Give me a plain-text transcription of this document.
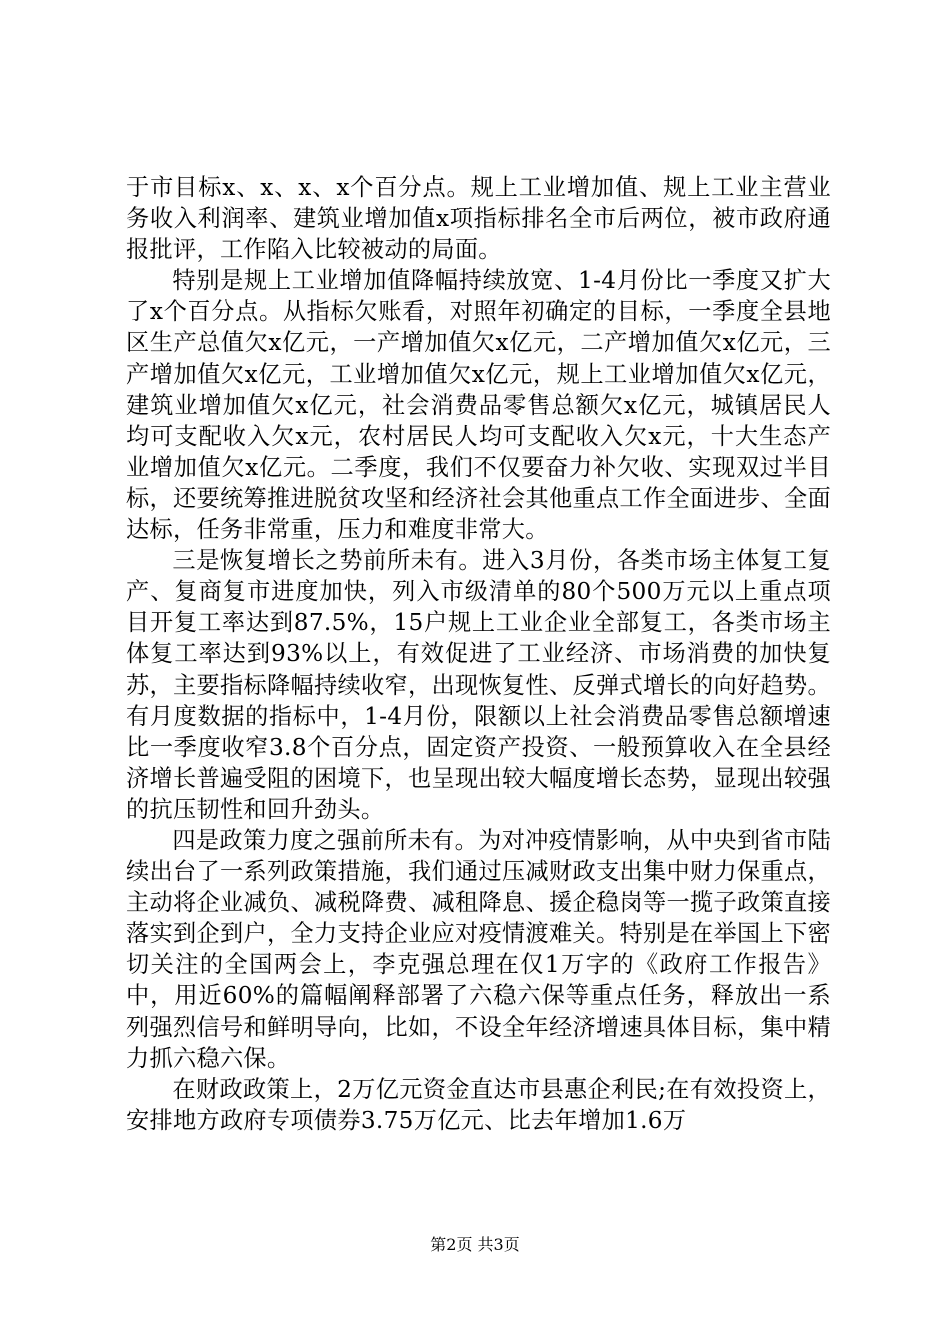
于市目标x、x、x、x个百分点。规上工业增加值、规上工业主营业务收入利润率、建筑业增加值x项指标排名全市后两位，被市政府通报批评，工作陷入比较被动的局面。

特别是规上工业增加值降幅持续放宽、1-4月份比一季度又扩大了x个百分点。从指标欠账看，对照年初确定的目标，一季度全县地区生产总值欠x亿元，一产增加值欠x亿元，二产增加值欠x亿元，三产增加值欠x亿元，工业增加值欠x亿元，规上工业增加值欠x亿元，建筑业增加值欠x亿元，社会消费品零售总额欠x亿元，城镇居民人均可支配收入欠x元，农村居民人均可支配收入欠x元，十大生态产业增加值欠x亿元。二季度，我们不仅要奋力补欠收、实现双过半目标，还要统筹推进脱贫攻坚和经济社会其他重点工作全面进步、全面达标，任务非常重，压力和难度非常大。

三是恢复增长之势前所未有。进入3月份，各类市场主体复工复产、复商复市进度加快，列入市级清单的80个500万元以上重点项目开复工率达到87.5%，15户规上工业企业全部复工，各类市场主体复工率达到93%以上，有效促进了工业经济、市场消费的加快复苏，主要指标降幅持续收窄，出现恢复性、反弹式增长的向好趋势。有月度数据的指标中，1-4月份，限额以上社会消费品零售总额增速比一季度收窄3.8个百分点，固定资产投资、一般预算收入在全县经济增长普遍受阻的困境下，也呈现出较大幅度增长态势，显现出较强的抗压韧性和回升劲头。

四是政策力度之强前所未有。为对冲疫情影响，从中央到省市陆续出台了一系列政策措施，我们通过压减财政支出集中财力保重点，主动将企业减负、减税降费、减租降息、援企稳岗等一揽子政策直接落实到企到户，全力支持企业应对疫情渡难关。特别是在举国上下密切关注的全国两会上，李克强总理在仅1万字的《政府工作报告》中，用近60%的篇幅阐释部署了六稳六保等重点任务，释放出一系列强烈信号和鲜明导向，比如，不设全年经济增速具体目标，集中精力抓六稳六保。

在财政政策上，2万亿元资金直达市县惠企利民;在有效投资上，安排地方政府专项债券3.75万亿元、比去年增加1.6万

第2页 共3页
